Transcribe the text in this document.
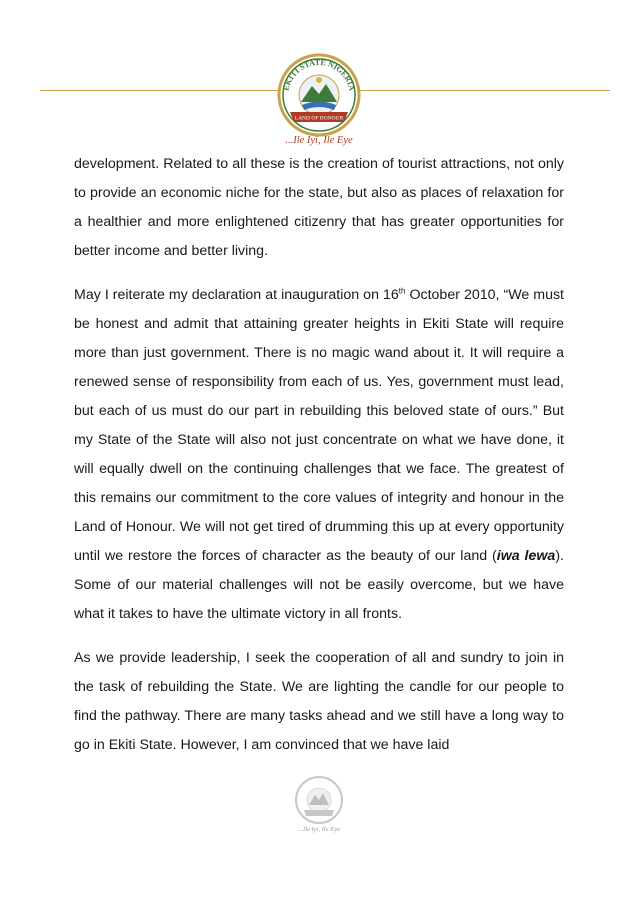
EKITI STATE NIGERIA
LAND OF HONOUR
...Ile Iyi, Ile Eye

development. Related to all these is the creation of tourist attractions, not only to provide an economic niche for the state, but also as places of relaxation for a healthier and more enlightened citizenry that has greater opportunities for better income and better living.

May I reiterate my declaration at inauguration on 16th October 2010, “We must be honest and admit that attaining greater heights in Ekiti State will require more than just government. There is no magic wand about it. It will require a renewed sense of responsibility from each of us. Yes, government must lead, but each of us must do our part in rebuilding this beloved state of ours.” But my State of the State will also not just concentrate on what we have done, it will equally dwell on the continuing challenges that we face. The greatest of this remains our commitment to the core values of integrity and honour in the Land of Honour. We will not get tired of drumming this up at every opportunity until we restore the forces of character as the beauty of our land (iwa lewa). Some of our material challenges will not be easily overcome, but we have what it takes to have the ultimate victory in all fronts.

As we provide leadership, I seek the cooperation of all and sundry to join in the task of rebuilding the State. We are lighting the candle for our people to find the pathway. There are many tasks ahead and we still have a long way to go in Ekiti State. However, I am convinced that we have laid

...Ile Iyi, Ile Eye
